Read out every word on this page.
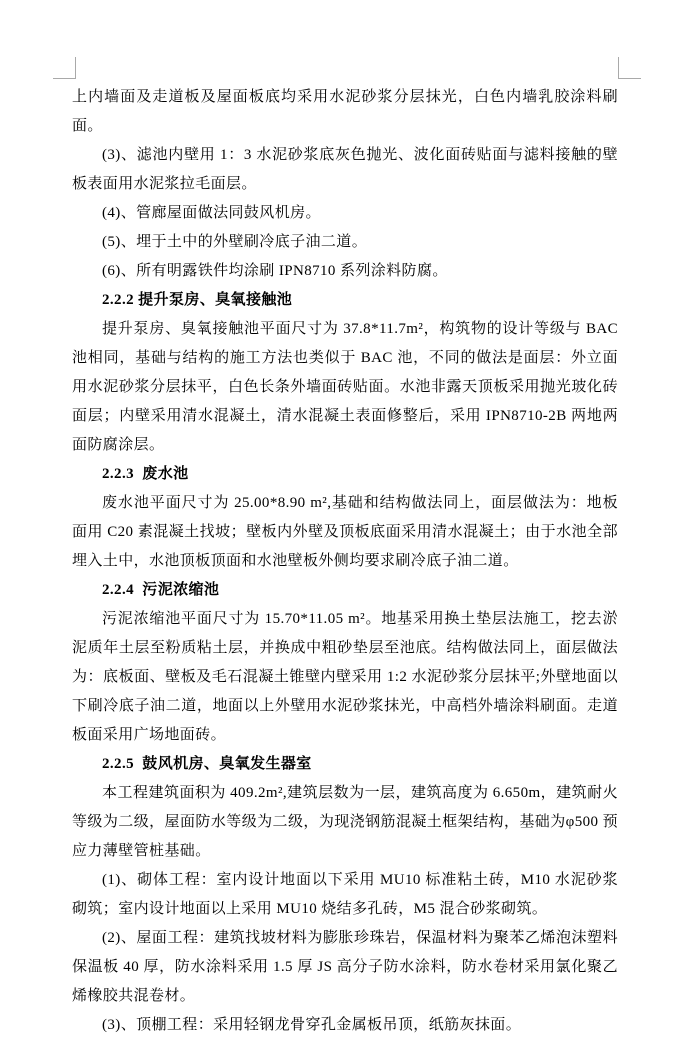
上内墙面及走道板及屋面板底均采用水泥砂浆分层抹光，白色内墙乳胶涂料刷面。

(3)、滤池内壁用 1：3 水泥砂浆底灰色抛光、波化面砖贴面与滤料接触的壁板表面用水泥浆拉毛面层。

(4)、管廊屋面做法同鼓风机房。

(5)、埋于土中的外壁刷冷底子油二道。

(6)、所有明露铁件均涂刷 IPN8710 系列涂料防腐。

2.2.2 提升泵房、臭氧接触池

提升泵房、臭氧接触池平面尺寸为 37.8*11.7m²，构筑物的设计等级与 BAC 池相同，基础与结构的施工方法也类似于 BAC 池，不同的做法是面层：外立面用水泥砂浆分层抹平，白色长条外墙面砖贴面。水池非露天顶板采用抛光玻化砖面层；内壁采用清水混凝土，清水混凝土表面修整后，采用 IPN8710-2B 两地两面防腐涂层。

2.2.3  废水池

废水池平面尺寸为 25.00*8.90 m²,基础和结构做法同上，面层做法为：地板面用 C20 素混凝土找坡；壁板内外壁及顶板底面采用清水混凝土；由于水池全部埋入土中，水池顶板顶面和水池壁板外侧均要求刷冷底子油二道。

2.2.4  污泥浓缩池

污泥浓缩池平面尺寸为 15.70*11.05 m²。地基采用换土垫层法施工，挖去淤泥质年土层至粉质粘土层，并换成中粗砂垫层至池底。结构做法同上，面层做法为：底板面、壁板及毛石混凝土锥壁内壁采用 1:2 水泥砂浆分层抹平;外壁地面以下刷冷底子油二道，地面以上外壁用水泥砂浆抹光，中高档外墙涂料刷面。走道板面采用广场地面砖。

2.2.5  鼓风机房、臭氧发生器室

本工程建筑面积为 409.2m²,建筑层数为一层，建筑高度为 6.650m，建筑耐火等级为二级，屋面防水等级为二级，为现浇钢筋混凝土框架结构，基础为φ500 预应力薄壁管桩基础。

(1)、砌体工程：室内设计地面以下采用 MU10 标准粘土砖，M10 水泥砂浆砌筑；室内设计地面以上采用 MU10 烧结多孔砖，M5 混合砂浆砌筑。

(2)、屋面工程：建筑找坡材料为膨胀珍珠岩，保温材料为聚苯乙烯泡沫塑料保温板 40 厚，防水涂料采用 1.5 厚 JS 高分子防水涂料，防水卷材采用氯化聚乙烯橡胶共混卷材。

(3)、顶棚工程：采用轻钢龙骨穿孔金属板吊顶，纸筋灰抹面。
